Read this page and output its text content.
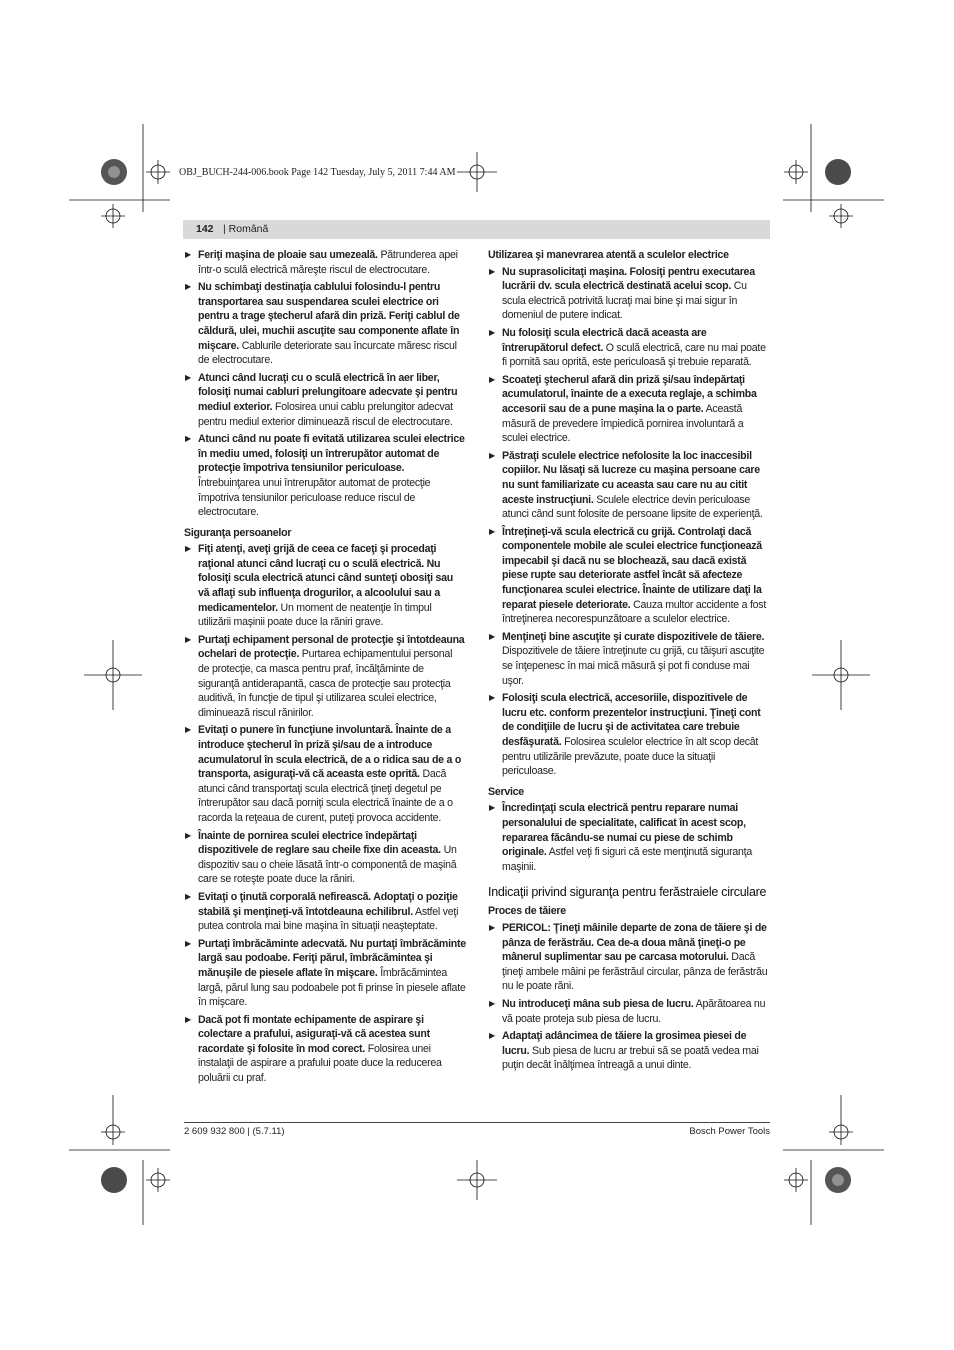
OBJ_BUCH-244-006.book Page 142 Tuesday, July 5, 2011 7:44 AM
142 | Română
▶ Feriţi maşina de ploaie sau umezeală. Pătrunderea apei într-o sculă electrică măreşte riscul de electrocutare.
▶ Nu schimbaţi destinaţia cablului folosindu-l pentru transportarea sau suspendarea sculei electrice ori pentru a trage ştecherul afară din priză. Feriţi cablul de căldură, ulei, muchii ascuţite sau componente aflate în mişcare. Cablurile deteriorate sau încurcate măresc riscul de electrocutare.
▶ Atunci când lucraţi cu o sculă electrică în aer liber, folosiţi numai cabluri prelungitoare adecvate şi pentru mediul exterior. Folosirea unui cablu prelungitor adecvat pentru mediul exterior diminuează riscul de electrocutare.
▶ Atunci când nu poate fi evitată utilizarea sculei electrice în mediu umed, folosiţi un întrerupător automat de protecţie împotriva tensiunilor periculoase. Întrebuinţarea unui întrerupător automat de protecţie împotriva tensiunilor periculoase reduce riscul de electrocutare.
Siguranţa persoanelor
▶ Fiţi atenţi, aveţi grijă de ceea ce faceţi şi procedaţi raţional atunci când lucraţi cu o sculă electrică. Nu folosiţi scula electrică atunci când sunteţi obosiţi sau vă aflaţi sub influenţa drogurilor, a alcoolului sau a medicamentelor. Un moment de neatenţie în timpul utilizării maşinii poate duce la răniri grave.
▶ Purtaţi echipament personal de protecţie şi întotdeauna ochelari de protecţie. Purtarea echipamentului personal de protecţie, ca masca pentru praf, încălţăminte de siguranţă antiderapantă, casca de protecţie sau protecţia auditivă, în funcţie de tipul şi utilizarea sculei electrice, diminuează riscul rănirilor.
▶ Evitaţi o punere în funcţiune involuntară. Înainte de a introduce ştecherul în priză şi/sau de a introduce acumulatorul în scula electrică, de a o ridica sau de a o transporta, asiguraţi-vă că aceasta este oprită. Dacă atunci când transportaţi scula electrică ţineţi degetul pe întrerupător sau dacă porniţi scula electrică înainte de a o racorda la reţeaua de curent, puteţi provoca accidente.
▶ Înainte de pornirea sculei electrice îndepărtaţi dispozitivele de reglare sau cheile fixe din aceasta. Un dispozitiv sau o cheie lăsată într-o componentă de maşină care se roteşte poate duce la răniri.
▶ Evitaţi o ţinută corporală nefirească. Adoptaţi o poziţie stabilă şi menţineţi-vă întotdeauna echilibrul. Astfel veţi putea controla mai bine maşina în situaţii neaşteptate.
▶ Purtaţi îmbrăcăminte adecvată. Nu purtaţi îmbrăcăminte largă sau podoabe. Feriţi părul, îmbrăcămintea şi mănuşile de piesele aflate în mişcare. Îmbrăcămintea largă, părul lung sau podoabele pot fi prinse în piesele aflate în mişcare.
▶ Dacă pot fi montate echipamente de aspirare şi colectare a prafului, asiguraţi-vă că acestea sunt racordate şi folosite în mod corect. Folosirea unei instalaţii de aspirare a prafului poate duce la reducerea poluării cu praf.
Utilizarea şi manevrarea atentă a sculelor electrice
▶ Nu suprasolicitaţi maşina. Folosiţi pentru executarea lucrării dv. scula electrică destinată acelui scop. Cu scula electrică potrivită lucraţi mai bine şi mai sigur în domeniul de putere indicat.
▶ Nu folosiţi scula electrică dacă aceasta are întrerupătorul defect. O sculă electrică, care nu mai poate fi pornită sau oprită, este periculoasă şi trebuie reparată.
▶ Scoateţi ştecherul afară din priză şi/sau îndepărtaţi acumulatorul, înainte de a executa reglaje, a schimba accesorii sau de a pune maşina la o parte. Această măsură de prevedere împiedică pornirea involuntară a sculei electrice.
▶ Păstraţi sculele electrice nefolosite la loc inaccesibil copiilor. Nu lăsaţi să lucreze cu maşina persoane care nu sunt familiarizate cu aceasta sau care nu au citit aceste instrucţiuni. Sculele electrice devin periculoase atunci când sunt folosite de persoane lipsite de experienţă.
▶ Întreţineţi-vă scula electrică cu grijă. Controlaţi dacă componentele mobile ale sculei electrice funcţionează impecabil şi dacă nu se blochează, sau dacă există piese rupte sau deteriorate astfel încât să afecteze funcţionarea sculei electrice. Înainte de utilizare daţi la reparat piesele deteriorate. Cauza multor accidente a fost întreţinerea necorespunzătoare a sculelor electrice.
▶ Menţineţi bine ascuţite şi curate dispozitivele de tăiere. Dispozitivele de tăiere întreţinute cu grijă, cu tăişuri ascuţite se înţepenesc în mai mică măsură şi pot fi conduse mai uşor.
▶ Folosiţi scula electrică, accesoriile, dispozitivele de lucru etc. conform prezentelor instrucţiuni. Ţineţi cont de condiţiile de lucru şi de activitatea care trebuie desfăşurată. Folosirea sculelor electrice în alt scop decât pentru utilizările prevăzute, poate duce la situaţii periculoase.
Service
▶ Încredinţaţi scula electrică pentru reparare numai personalului de specialitate, calificat în acest scop, repararea făcându-se numai cu piese de schimb originale. Astfel veţi fi siguri că este menţinută siguranţa maşinii.
Indicaţii privind siguranţa pentru ferăstraiele circulare
Proces de tăiere
▶ PERICOL: Ţineţi mâinile departe de zona de tăiere şi de pânza de ferăstrău. Cea de-a doua mână ţineţi-o pe mânerul suplimentar sau pe carcasa motorului. Dacă ţineţi ambele mâini pe ferăstrăul circular, pânza de ferăstrău nu le poate răni.
▶ Nu introduceţi mâna sub piesa de lucru. Apărătoarea nu vă poate proteja sub piesa de lucru.
▶ Adaptaţi adâncimea de tăiere la grosimea piesei de lucru. Sub piesa de lucru ar trebui să se poată vedea mai puţin decât înălţimea întreagă a unui dinte.
2 609 932 800 | (5.7.11)	Bosch Power Tools
